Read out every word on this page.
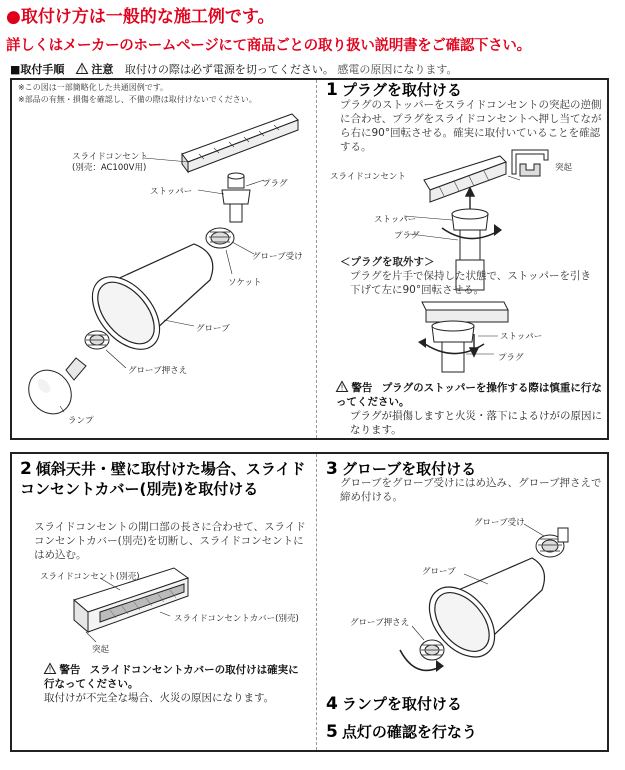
●取付け方は一般的な施工例です。
詳しくはメーカーのホームページにて商品ごとの取り扱い説明書をご確認下さい。
■取付手順 ! 注意 取付けの際は必ず電源を切ってください。 感電の原因になります。
※この図は一部簡略化した共通図例です。
※部品の有無・損傷を確認し、不備の際は取付けないでください。
スライドコンセント
(別売：AC100V用)
ストッパー
プラグ
グローブ受け
ソケット
グローブ
グローブ押さえ
ランプ
1 プラグを取付ける
プラグのストッパーをスライドコンセントの突起の逆側に合わせ、プラグをスライドコンセントへ押し当てながら右に90°回転させる。確実に取付いていることを確認する。
スライドコンセント
突起
ストッパー
プラグ
＜プラグを取外す＞
プラグを片手で保持した状態で、ストッパーを引き下げて左に90°回転させる。
ストッパー
プラグ
! 警告 プラグのストッパーを操作する際は慎重に行なってください。
プラグが損傷しますと火災・落下によるけがの原因になります。
2 傾斜天井・壁に取付けた場合、スライドコンセントカバー(別売)を取付ける
スライドコンセントの開口部の長さに合わせて、スライドコンセントカバー(別売)を切断し、スライドコンセントにはめ込む。
スライドコンセント(別売)
スライドコンセントカバー(別売)
突起
! 警告 スライドコンセントカバーの取付けは確実に行なってください。
取付けが不完全な場合、火災の原因になります。
3 グローブを取付ける
グローブをグローブ受けにはめ込み、グローブ押さえで締め付ける。
グローブ受け
グローブ
グローブ押さえ
4 ランプを取付ける
5 点灯の確認を行なう
